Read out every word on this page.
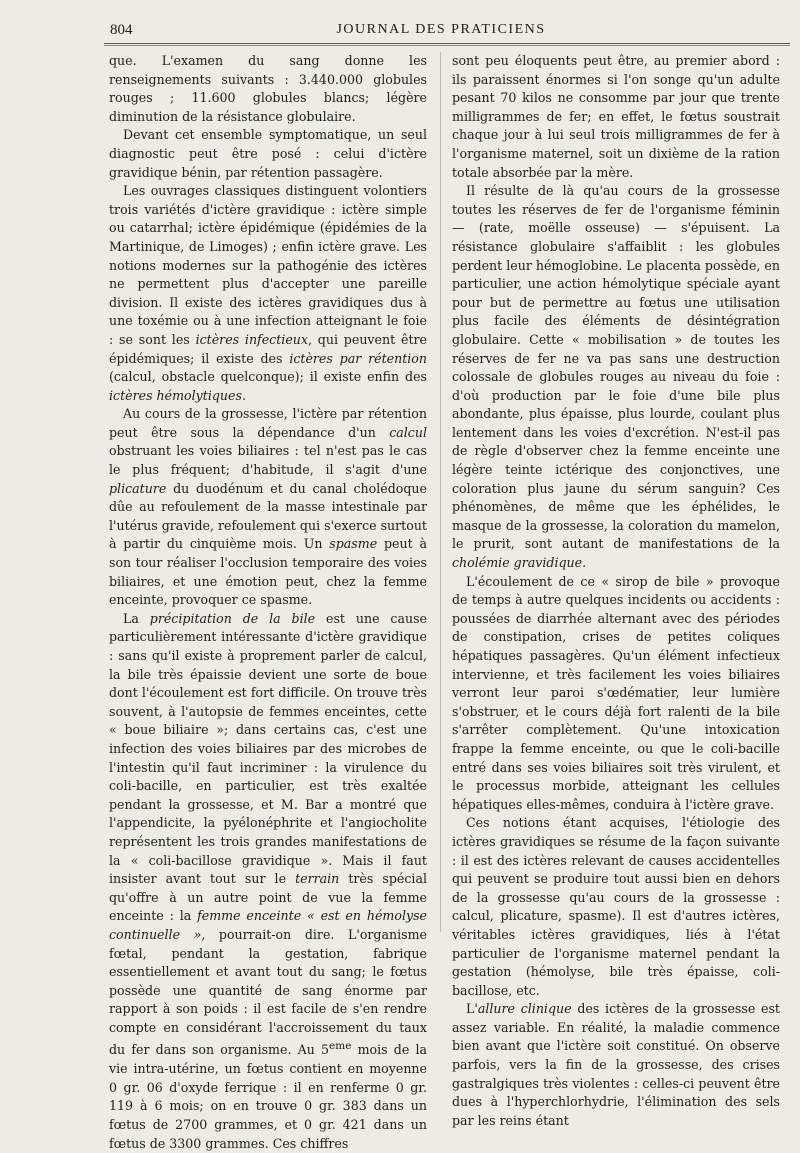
804	JOURNAL DES PRATICIENS

que. L'examen du sang donne les renseignements suivants : 3.440.000 globules rouges ; 11.600 globules blancs; légère diminution de la résistance globulaire.

Devant cet ensemble symptomatique, un seul diagnostic peut être posé : celui d'ictère gravidique bénin, par rétention passagère.

Les ouvrages classiques distinguent volontiers trois variétés d'ictère gravidique : ictère simple ou catarrhal; ictère épidémique (épidémies de la Martinique, de Limoges) ; enfin ictère grave. Les notions modernes sur la pathogénie des ictères ne permettent plus d'accepter une pareille division. Il existe des ictères gravidiques dus à une toxémie ou à une infection atteignant le foie : se sont les ictères infectieux, qui peuvent être épidémiques; il existe des ictères par rétention (calcul, obstacle quelconque); il existe enfin des ictères hémolytiques.

Au cours de la grossesse, l'ictère par rétention peut être sous la dépendance d'un calcul obstruant les voies biliaires : tel n'est pas le cas le plus fréquent; d'habitude, il s'agit d'une plicature du duodénum et du canal cholédoque dûe au refoulement de la masse intestinale par l'utérus gravide, refoulement qui s'exerce surtout à partir du cinquième mois. Un spasme peut à son tour réaliser l'occlusion temporaire des voies biliaires, et une émotion peut, chez la femme enceinte, provoquer ce spasme.

La précipitation de la bile est une cause particulièrement intéressante d'ictère gravidique : sans qu'il existe à proprement parler de calcul, la bile très épaissie devient une sorte de boue dont l'écoulement est fort difficile. On trouve très souvent, à l'autopsie de femmes enceintes, cette « boue biliaire »; dans certains cas, c'est une infection des voies biliaires par des microbes de l'intestin qu'il faut incriminer : la virulence du coli-bacille, en particulier, est très exaltée pendant la grossesse, et M. Bar a montré que l'appendicite, la pyélonéphrite et l'angiocholite représentent les trois grandes manifestations de la « coli-bacillose gravidique ». Mais il faut insister avant tout sur le terrain très spécial qu'offre à un autre point de vue la femme enceinte : la femme enceinte « est en hémolyse continuelle », pourrait-on dire. L'organisme fœtal, pendant la gestation, fabrique essentiellement et avant tout du sang; le fœtus possède une quantité de sang énorme par rapport à son poids : il est facile de s'en rendre compte en considérant l'accroissement du taux du fer dans son organisme. Au 5eme mois de la vie intra-utérine, un fœtus contient en moyenne 0 gr. 06 d'oxyde ferrique : il en renferme 0 gr. 119 à 6 mois; on en trouve 0 gr. 383 dans un fœtus de 2700 grammes, et 0 gr. 421 dans un fœtus de 3300 grammes. Ces chiffres

sont peu éloquents peut être, au premier abord : ils paraissent énormes si l'on songe qu'un adulte pesant 70 kilos ne consomme par jour que trente milligrammes de fer; en effet, le fœtus soustrait chaque jour à lui seul trois milligrammes de fer à l'organisme maternel, soit un dixième de la ration totale absorbée par la mère.

Il résulte de là qu'au cours de la grossesse toutes les réserves de fer de l'organisme féminin — (rate, moëlle osseuse) — s'épuisent. La résistance globulaire s'affaiblit : les globules perdent leur hémoglobine. Le placenta possède, en particulier, une action hémolytique spéciale ayant pour but de permettre au fœtus une utilisation plus facile des éléments de désintégration globulaire. Cette « mobilisation » de toutes les réserves de fer ne va pas sans une destruction colossale de globules rouges au niveau du foie : d'où production par le foie d'une bile plus abondante, plus épaisse, plus lourde, coulant plus lentement dans les voies d'excrétion. N'est-il pas de règle d'observer chez la femme enceinte une légère teinte ictérique des conjonctives, une coloration plus jaune du sérum sanguin? Ces phénomènes, de même que les éphélides, le masque de la grossesse, la coloration du mamelon, le prurit, sont autant de manifestations de la cholémie gravidique.

L'écoulement de ce « sirop de bile » provoque de temps à autre quelques incidents ou accidents : poussées de diarrhée alternant avec des périodes de constipation, crises de petites coliques hépatiques passagères. Qu'un élément infectieux intervienne, et très facilement les voies biliaires verront leur paroi s'œdématier, leur lumière s'obstruer, et le cours déjà fort ralenti de la bile s'arrêter complètement. Qu'une intoxication frappe la femme enceinte, ou que le coli-bacille entré dans ses voies biliaires soit très virulent, et le processus morbide, atteignant les cellules hépatiques elles-mêmes, conduira à l'ictère grave.

Ces notions étant acquises, l'étiologie des ictères gravidiques se résume de la façon suivante : il est des ictères relevant de causes accidentelles qui peuvent se produire tout aussi bien en dehors de la grossesse qu'au cours de la grossesse : calcul, plicature, spasme). Il est d'autres ictères, véritables ictères gravidiques, liés à l'état particulier de l'organisme maternel pendant la gestation (hémolyse, bile très épaisse, coli-bacillose, etc.

L'allure clinique des ictères de la grossesse est assez variable. En réalité, la maladie commence bien avant que l'ictère soit constitué. On observe parfois, vers la fin de la grossesse, des crises gastralgiques très violentes : celles-ci peuvent être dues à l'hyperchlorhydrie, l'élimination des sels par les reins étant
